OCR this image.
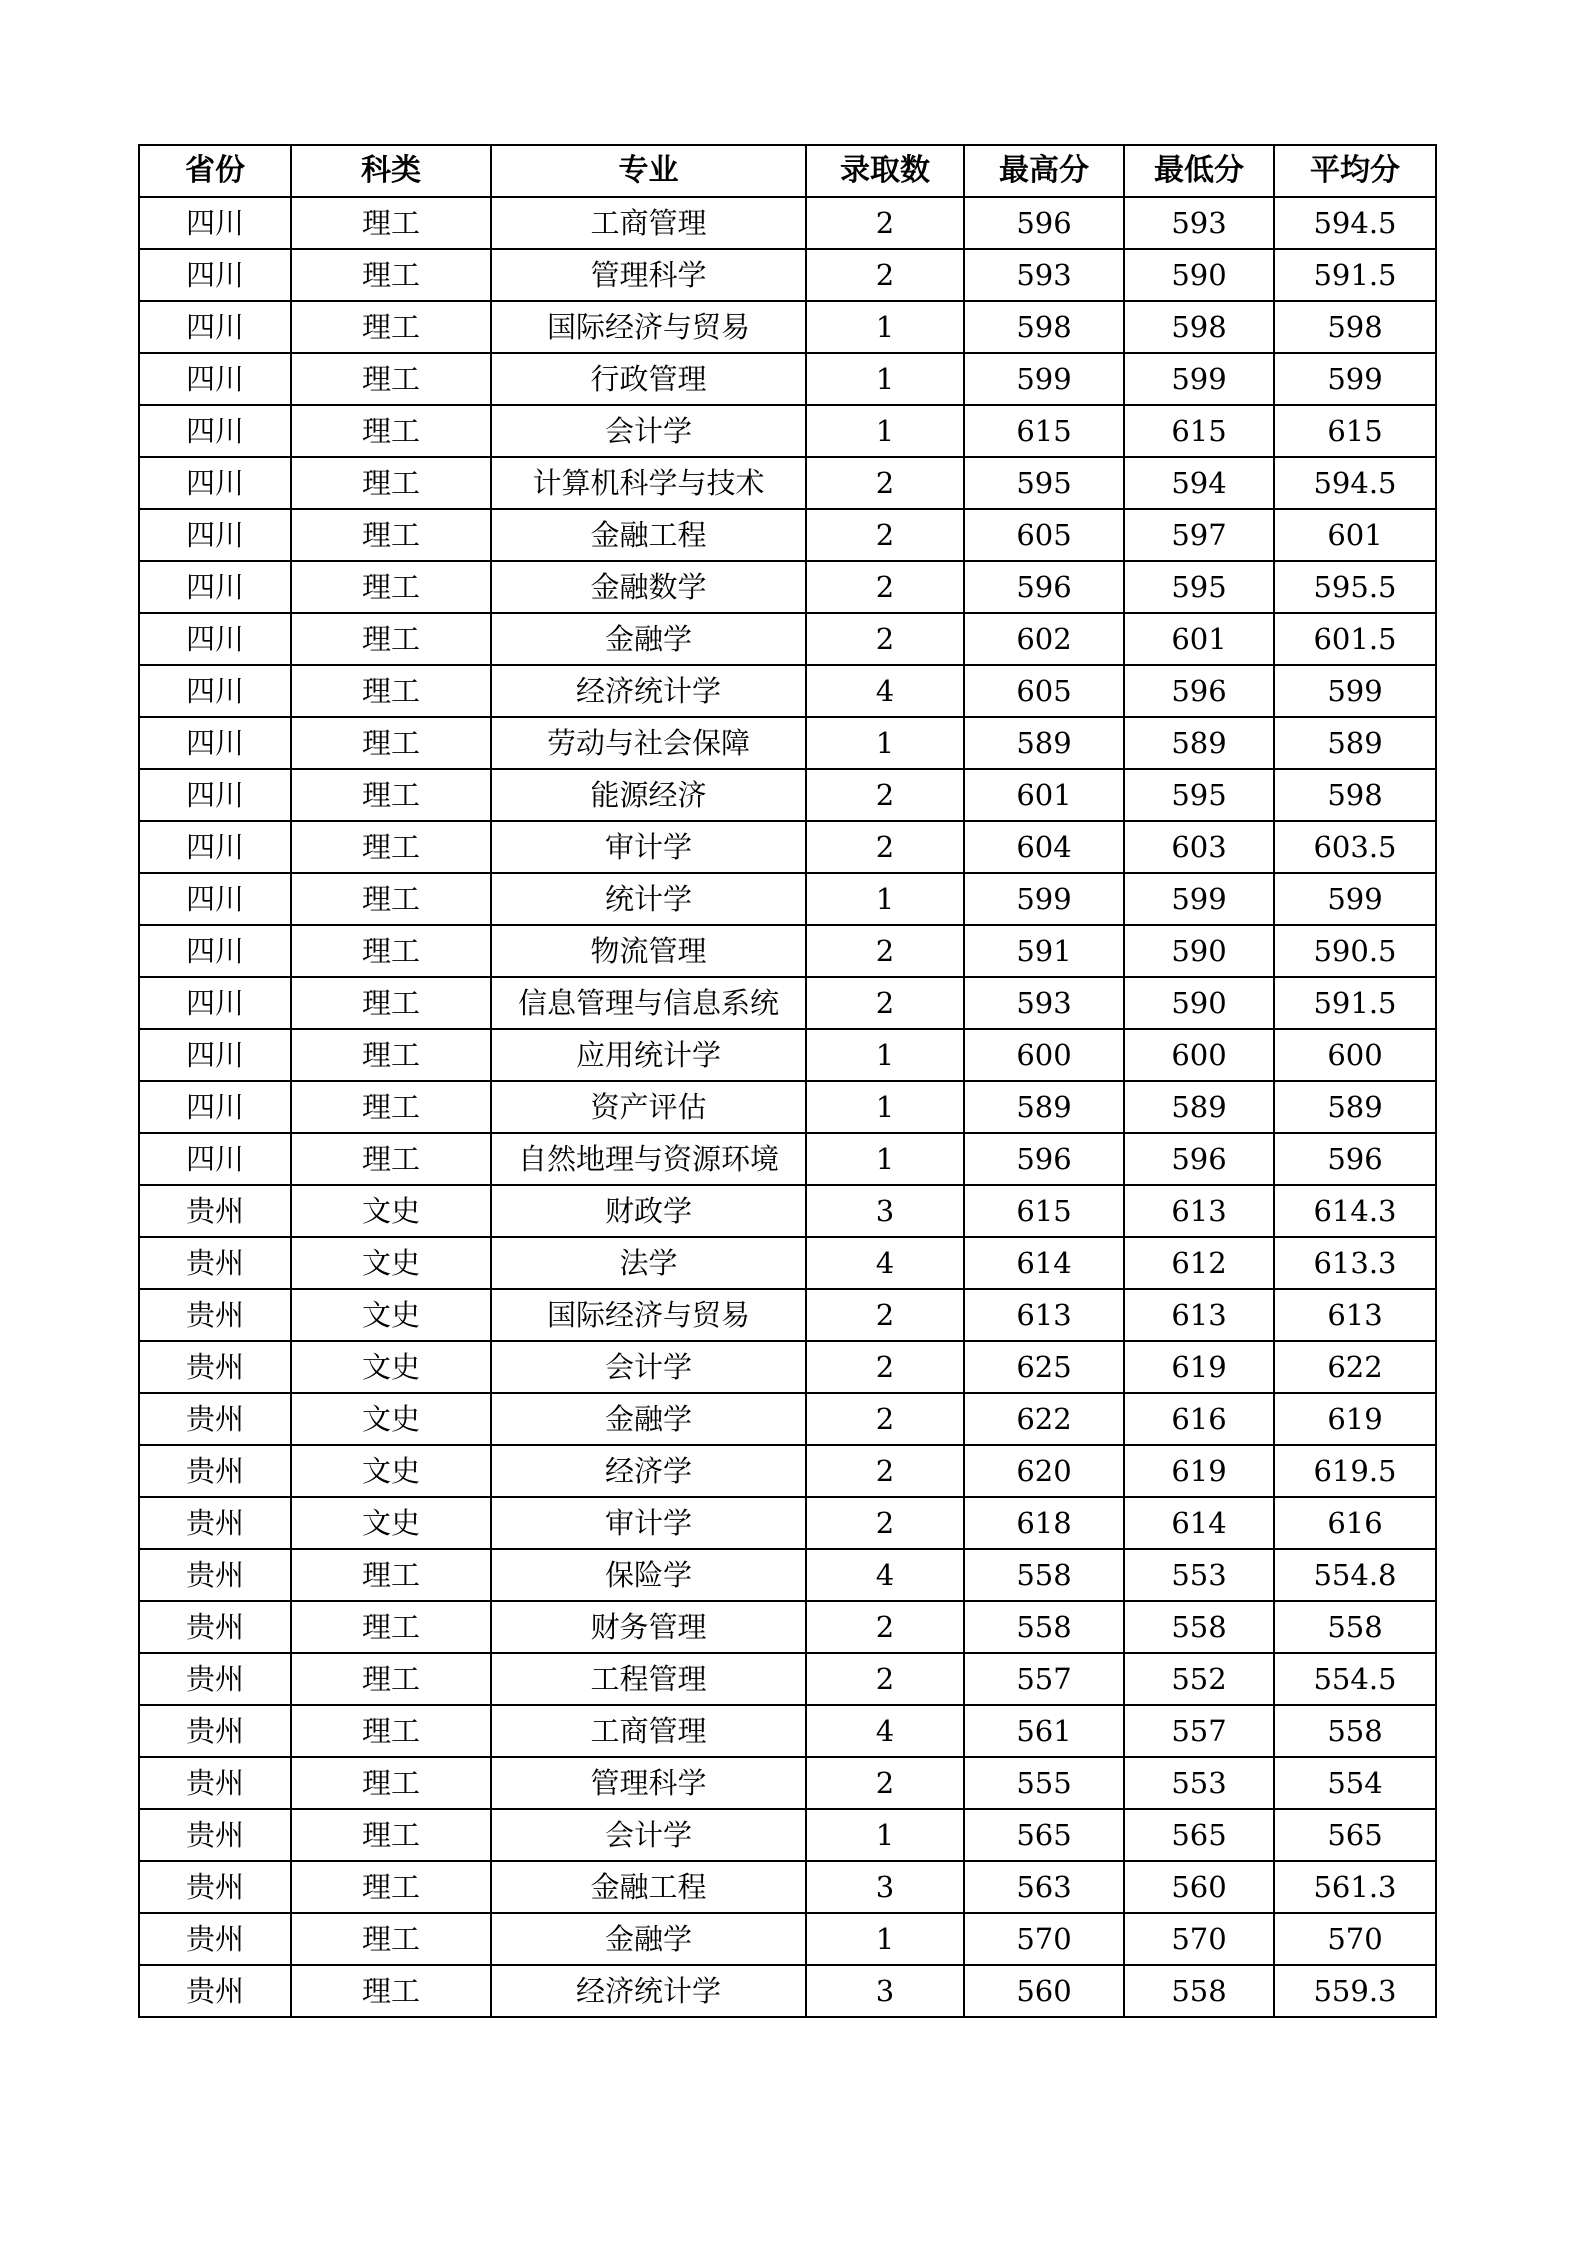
省份	科类	专业	录取数	最高分	最低分	平均分
四川	理工	工商管理	2	596	593	594.5
四川	理工	管理科学	2	593	590	591.5
四川	理工	国际经济与贸易	1	598	598	598
四川	理工	行政管理	1	599	599	599
四川	理工	会计学	1	615	615	615
四川	理工	计算机科学与技术	2	595	594	594.5
四川	理工	金融工程	2	605	597	601
四川	理工	金融数学	2	596	595	595.5
四川	理工	金融学	2	602	601	601.5
四川	理工	经济统计学	4	605	596	599
四川	理工	劳动与社会保障	1	589	589	589
四川	理工	能源经济	2	601	595	598
四川	理工	审计学	2	604	603	603.5
四川	理工	统计学	1	599	599	599
四川	理工	物流管理	2	591	590	590.5
四川	理工	信息管理与信息系统	2	593	590	591.5
四川	理工	应用统计学	1	600	600	600
四川	理工	资产评估	1	589	589	589
四川	理工	自然地理与资源环境	1	596	596	596
贵州	文史	财政学	3	615	613	614.3
贵州	文史	法学	4	614	612	613.3
贵州	文史	国际经济与贸易	2	613	613	613
贵州	文史	会计学	2	625	619	622
贵州	文史	金融学	2	622	616	619
贵州	文史	经济学	2	620	619	619.5
贵州	文史	审计学	2	618	614	616
贵州	理工	保险学	4	558	553	554.8
贵州	理工	财务管理	2	558	558	558
贵州	理工	工程管理	2	557	552	554.5
贵州	理工	工商管理	4	561	557	558
贵州	理工	管理科学	2	555	553	554
贵州	理工	会计学	1	565	565	565
贵州	理工	金融工程	3	563	560	561.3
贵州	理工	金融学	1	570	570	570
贵州	理工	经济统计学	3	560	558	559.3
